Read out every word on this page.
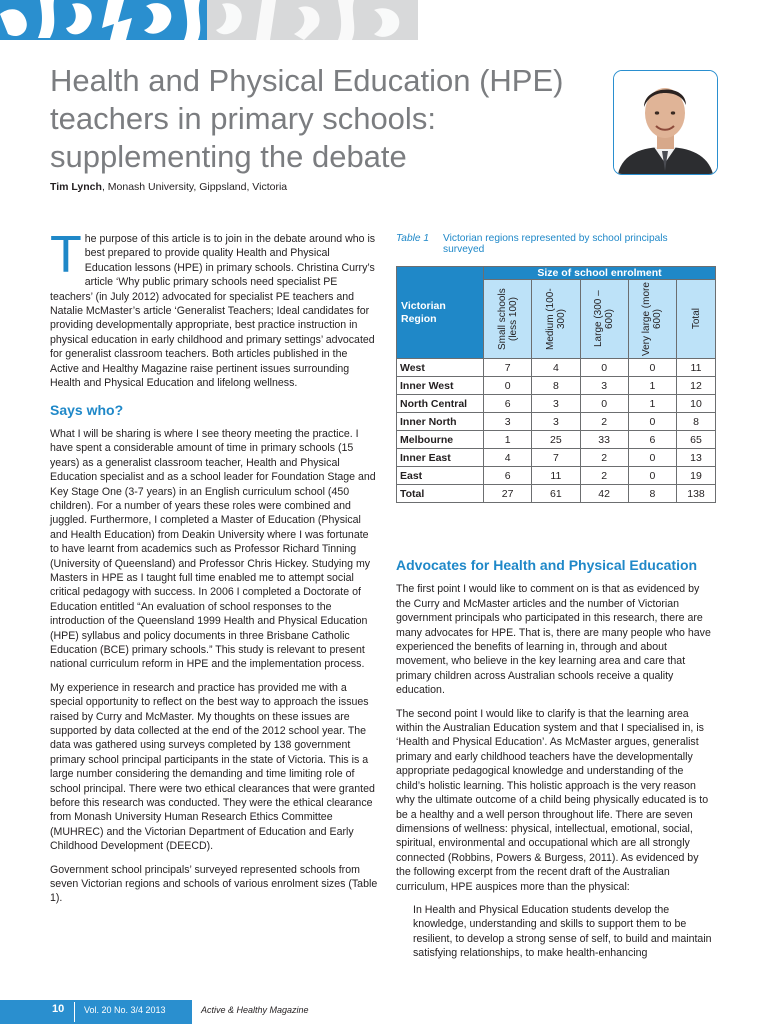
Health and Physical Education (HPE) teachers in primary schools: supplementing the debate
Tim Lynch, Monash University, Gippsland, Victoria

The purpose of this article is to join in the debate around who is best prepared to provide quality Health and Physical Education lessons (HPE) in primary schools. Christina Curry’s article ‘Why public primary schools need specialist PE teachers’ (in July 2012) advocated for specialist PE teachers and Natalie McMaster’s article ‘Generalist Teachers; Ideal candidates for providing developmentally appropriate, best practice instruction in physical education in early childhood and primary settings’ advocated for generalist classroom teachers. Both articles published in the Active and Healthy Magazine raise pertinent issues surrounding Health and Physical Education and lifelong wellness.

Says who?

What I will be sharing is where I see theory meeting the practice. I have spent a considerable amount of time in primary schools (15 years) as a generalist classroom teacher, Health and Physical Education specialist and as a school leader for Foundation Stage and Key Stage One (3-7 years) in an English curriculum school (450 children). For a number of years these roles were combined and juggled. Furthermore, I completed a Master of Education (Physical and Health Education) from Deakin University where I was fortunate to have learnt from academics such as Professor Richard Tinning (University of Queensland) and Professor Chris Hickey. Studying my Masters in HPE as I taught full time enabled me to attempt social critical pedagogy with success. In 2006 I completed a Doctorate of Education entitled “An evaluation of school responses to the introduction of the Queensland 1999 Health and Physical Education (HPE) syllabus and policy documents in three Brisbane Catholic Education (BCE) primary schools.” This study is relevant to present national curriculum reform in HPE and the implementation process.

My experience in research and practice has provided me with a special opportunity to reflect on the best way to approach the issues raised by Curry and McMaster. My thoughts on these issues are supported by data collected at the end of the 2012 school year. The data was gathered using surveys completed by 138 government primary school principal participants in the state of Victoria. This is a large number considering the demanding and time limiting role of school principal. There were two ethical clearances that were granted before this research was conducted. They were the ethical clearance from Monash University Human Research Ethics Committee (MUHREC) and the Victorian Department of Education and Early Childhood Development (DEECD).

Government school principals’ surveyed represented schools from seven Victorian regions and schools of various enrolment sizes (Table 1).

Table 1 Victorian regions represented by school principals surveyed
Victorian Region	Size of school enrolment				

	Small schools (less 100)	Medium (100-300)	Large (300 – 600)	Very large (more 600)	Total

West	7	4	0	0	11
Inner West	0	8	3	1	12
North Central	6	3	0	1	10
Inner North	3	3	2	0	8
Melbourne	1	25	33	6	65
Inner East	4	7	2	0	13
East	6	11	2	0	19
Total	27	61	42	8	138
Advocates for Health and Physical Education

The first point I would like to comment on is that as evidenced by the Curry and McMaster articles and the number of Victorian government principals who participated in this research, there are many advocates for HPE. That is, there are many people who have experienced the benefits of learning in, through and about movement, who believe in the key learning area and care that primary children across Australian schools receive a quality education.

The second point I would like to clarify is that the learning area within the Australian Education system and that I specialised in, is ‘Health and Physical Education’. As McMaster argues, generalist primary and early childhood teachers have the developmentally appropriate pedagogical knowledge and understanding of the child’s holistic learning. This holistic approach is the very reason why the ultimate outcome of a child being physically educated is to be a healthy and a well person throughout life. There are seven dimensions of wellness: physical, intellectual, emotional, social, spiritual, environmental and occupational which are all strongly connected (Robbins, Powers & Burgess, 2011). As evidenced by the following excerpt from the recent draft of the Australian curriculum, HPE auspices more than the physical:

In Health and Physical Education students develop the knowledge, understanding and skills to support them to be resilient, to develop a strong sense of self, to build and maintain satisfying relationships, to make health-enhancing

10 Vol. 20 No. 3/4 2013	Active & Healthy Magazine
